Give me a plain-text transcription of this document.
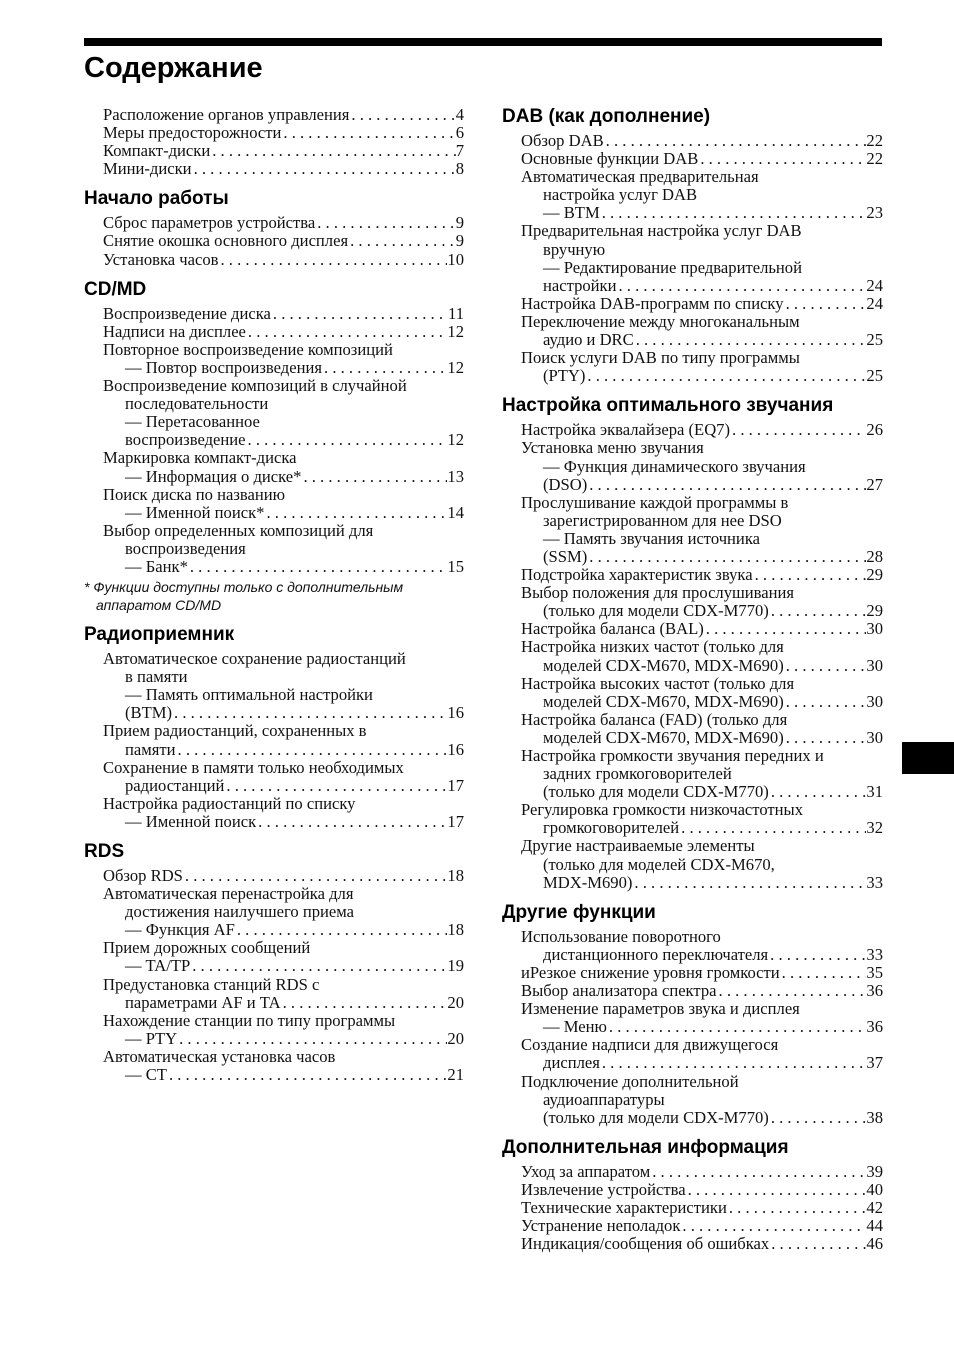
Содержание
Расположение органов управления . . .	4
Меры предосторожности . . .	6
Компакт-диски . . .	7
Мини-диски . . .	8
Начало работы
Сброс параметров устройства . . .	9
Снятие окошка основного дисплея . . .	9
Установка часов . . .	10
CD/MD
Воспроизведение диска . . .	11
Надписи на дисплее . . .	12
Повторное воспроизведение композиций
— Повтор воспроизведения . . .	12
Воспроизведение композиций в случайной
последовательности
— Перетасованное
воспроизведение . . .	12
Маркировка компакт-диска
— Информация о диске* . . .	13
Поиск диска по названию
— Именной поиск* . . .	14
Выбор определенных композиций для
воспроизведения
— Банк* . . .	15

* Функции доступны только с дополнительным
аппаратом CD/MD

Радиоприемник
Автоматическое сохранение радиостанций
в памяти
— Память оптимальной настройки
(BTM) . . .	16
Прием радиостанций, сохраненных в
памяти . . .	16
Сохранение в памяти только необходимых
радиостанций . . .	17
Настройка радиостанций по списку
— Именной поиск . . .	17
RDS
Обзор RDS . . .	18
Автоматическая перенастройка для
достижения наилучшего приема
— Функция AF . . .	18
Прием дорожных сообщений
— TA/TP . . .	19
Предустановка станций RDS с
параметрами AF и TA . . .	20
Нахождение станции по типу программы
— PTY . . .	20
Автоматическая установка часов
— CT . . .	21
DAB (как дополнение)
Обзор DAB . . .	22
Основные функции DAB . . .	22
Автоматическая предварительная
настройка услуг DAB
— BTM . . .	23
Предварительная настройка услуг DAB
вручную
— Редактирование предварительной
настройки . . .	24
Настройка DAB-программ по списку . . .	24
Переключение между многоканальным
аудио и DRC . . .	25
Поиск услуги DAB по типу программы
(PTY) . . .	25
Настройка оптимального звучания
Настройка эквалайзера (EQ7) . . .	26
Установка меню звучания
— Функция динамического звучания
(DSO) . . .	27
Прослушивание каждой программы в
зарегистрированном для нее DSO
— Память звучания источника
(SSM) . . .	28
Подстройка характеристик звука . . .	29
Выбор положения для прослушивания
(только для модели CDX-M770) . . .	29
Настройка баланса (BAL) . . .	30
Настройка низких частот (только для
моделей CDX-M670, MDX-M690) . . .	30
Настройка высоких частот (только для
моделей CDX-M670, MDX-M690) . . .	30
Настройка баланса (FAD) (только для
моделей CDX-M670, MDX-M690) . . .	30
Настройка громкости звучания передних и
задних громкоговорителей
(только для модели CDX-M770) . . .	31
Регулировка громкости низкочастотных
громкоговорителей . . .	32
Другие настраиваемые элементы
(только для моделей CDX-M670,
MDX-M690) . . .	33
Другие функции
Использование поворотного
дистанционного переключателя . . .	33
иРезкое снижение уровня громкости . . .	35
Выбор анализатора спектра . . .	36
Изменение параметров звука и дисплея
— Меню . . .	36
Создание надписи для движущегося
дисплея . . .	37
Подключение дополнительной
аудиоаппаратуры
(только для модели CDX-M770) . . .	38
Дополнительная информация
Уход за аппаратом . . .	39
Извлечение устройства . . .	40
Технические характеристики . . .	42
Устранение неполадок . . .	44
Индикация/сообщения об ошибках . . .	46
